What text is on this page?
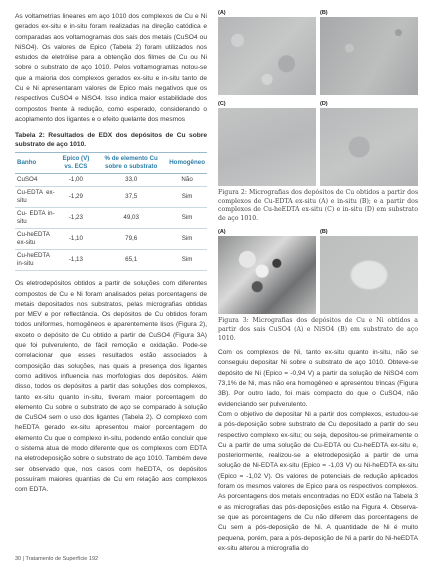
As voltametrias lineares em aço 1010 dos complexos de Cu e Ni gerados ex-situ e in-situ foram realizadas na direção catódica e comparadas aos voltamogramas dos sais dos metais (CuSO4 ou NiSO4). Os valores de Epico (Tabela 2) foram utilizados nos estudos de eletrólise para a obtenção dos filmes de Cu ou Ni sobre o substrato de aço 1010. Pelos voltamogramas notou-se que a maioria dos complexos gerados ex-situ e in-situ tanto de Cu e Ni apresentaram valores de Epico mais negativos que os respectivos CuSO4 e NiSO4. Isso indica maior estabilidade dos compostos frente à redução, como esperado, considerando o acoplamento dos ligantes e o efeito quelante dos mesmos

Tabela 2: Resultados de EDX dos depósitos de Cu sobre substrato de aço 1010.
Banho	Epico (V) vs. ECS	% de elemento Cu sobre o substrato	Homogêneo
CuSO4	-1,00	33,0	Não
Cu-EDTA ex-situ	-1,29	37,5	Sim
Cu- EDTA in-situ	-1,23	49,03	Sim
Cu-heEDTA ex-situ	-1,10	79,6	Sim
Cu-heEDTA in-situ	-1,13	65,1	Sim

Os eletrodepósitos obtidos a partir de soluções com diferentes compostos de Cu e Ni foram analisados pelas porcentagens de metais depositados nos substratos, pelas micrografias obtidas por MEV e por reflectância. Os depósitos de Cu obtidos foram todos uniformes, homogêneos e aparentemente lisos (Figura 2), exceto o depósito de Cu obtido a partir de CuSO4 (Figura 3A) que foi pulverulento, de fácil remoção e oxidação. Pode-se correlacionar que esses resultados estão associados à composição das soluções, nas quais a presença dos ligantes como aditivos influencia nas morfologias dos depósitos. Além disso, todos os depósitos a partir das soluções dos complexos, tanto ex-situ quanto in-situ, tiveram maior porcentagem do elemento Cu sobre o substrato de aço se comparado à solução de CuSO4 sem o uso dos ligantes (Tabela 2). O complexo com heEDTA gerado ex-situ apresentou maior porcentagem do elemento Cu que o complexo in-situ, podendo então concluir que o sistema atua de modo diferente que os complexos com EDTA na eletrodeposição sobre o substrato de aço 1010. Também deve ser observado que, nos casos com heEDTA, os depósitos possuíram maiores quantias de Cu em relação aos complexos com EDTA.

(A)	(B)
(C)	(D)

Figura 2: Micrografias dos depósitos de Cu obtidos a partir dos complexos de Cu-EDTA ex-situ (A) e in-situ (B); e a partir dos complexos de Cu-heEDTA ex-situ (C) e in-situ (D) em substrato de aço 1010.

(A)	(B)

Figura 3: Micrografias dos depósitos de Cu e Ni obtidos a partir dos sais CuSO4 (A) e NiSO4 (B) em substrato de aço 1010.

Com os complexos de Ni, tanto ex-situ quanto in-situ, não se conseguiu depositar Ni sobre o substrato de aço 1010. Obteve-se depósito de Ni (Epico = -0,94 V) a partir da solução de NiSO4 com 73,1% de Ni, mas não era homogêneo e apresentou trincas (Figura 3B). Por outro lado, foi mais compacto do que o CuSO4, não evidenciando ser pulverulento.

Com o objetivo de depositar Ni a partir dos complexos, estudou-se a pós-deposição sobre substrato de Cu depositado a partir do seu respectivo complexo ex-situ; ou seja, depositou-se primeiramente o Cu a partir de uma solução de Cu-EDTA ou Cu-heEDTA ex-situ e, posteriormente, realizou-se a eletrodeposição a partir de uma solução de Ni-EDTA ex-situ (Epico = -1,03 V) ou Ni-heEDTA ex-situ (Epico = -1,02 V). Os valores de potenciais de redução aplicados foram os mesmos valores de Epico para os respectivos complexos. As porcentagens dos metais encontradas no EDX estão na Tabela 3 e as micrografias das pós-deposições estão na Figura 4. Observa-se que as porcentagens de Cu não diferem das porcentagens de Cu sem a pós-deposição de Ni. A quantidade de Ni é muito pequena, porém, para a pós-deposição de Ni a partir do Ni-heEDTA ex-situ alterou a micrografia do

30 | Tratamento de Superfície 192
